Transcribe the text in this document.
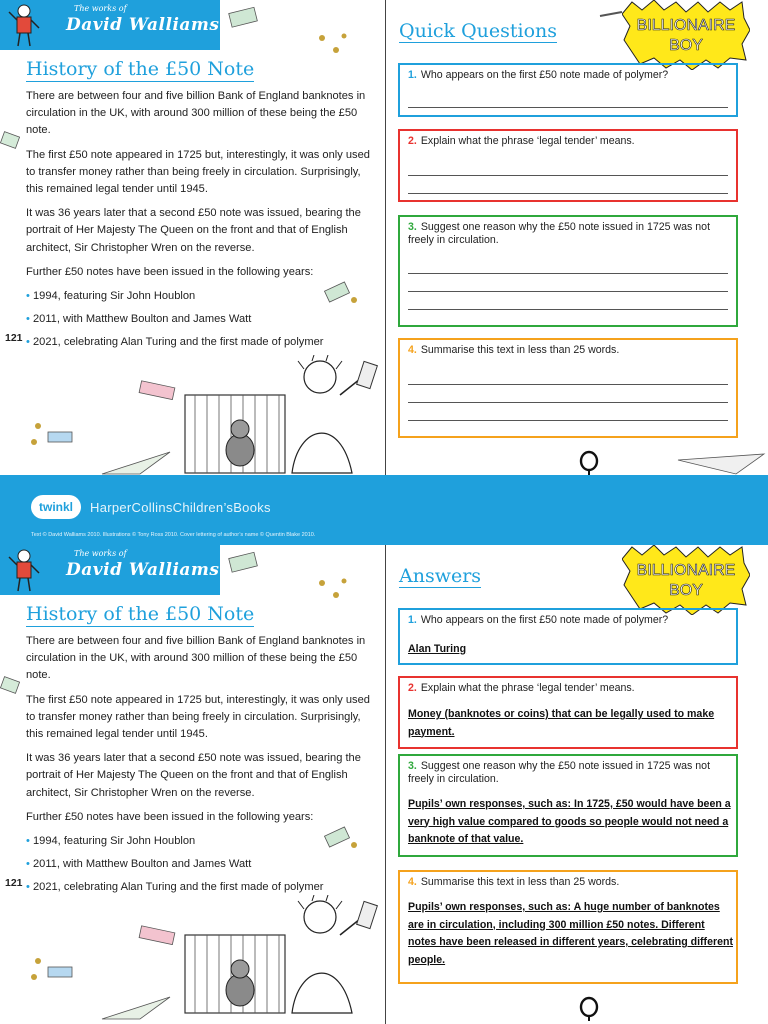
The works of
David Walliams
History of the £50 Note

There are between four and five billion Bank of England banknotes in circulation in the UK, with around 300 million of these being the £50 note.

The first £50 note appeared in 1725 but, interestingly, it was only used to transfer money rather than being freely in circulation. Surprisingly, this remained legal tender until 1945.

It was 36 years later that a second £50 note was issued, bearing the portrait of Her Majesty The Queen on the front and that of English architect, Sir Christopher Wren on the reverse.

Further £50 notes have been issued in the following years:

• 1994, featuring Sir John Houblon
• 2011, with Matthew Boulton and James Watt
• 2021, celebrating Alan Turing and the first made of polymer
121
Quick Questions	BILLIONAIRE
BOY
1. Who appears on the first £50 note made of polymer?
2. Explain what the phrase ‘legal tender’ means.
3. Suggest one reason why the £50 note issued in 1725 was not freely in circulation.
4. Summarise this text in less than 25 words.
twinkl	HarperCollinsChildren’sBooks
Text © David Walliams 2010. Illustrations © Tony Ross 2010. Cover lettering of author’s name © Quentin Blake 2010.
The works of
David Walliams
History of the £50 Note

There are between four and five billion Bank of England banknotes in circulation in the UK, with around 300 million of these being the £50 note.

The first £50 note appeared in 1725 but, interestingly, it was only used to transfer money rather than being freely in circulation. Surprisingly, this remained legal tender until 1945.

It was 36 years later that a second £50 note was issued, bearing the portrait of Her Majesty The Queen on the front and that of English architect, Sir Christopher Wren on the reverse.

Further £50 notes have been issued in the following years:

• 1994, featuring Sir John Houblon
• 2011, with Matthew Boulton and James Watt
• 2021, celebrating Alan Turing and the first made of polymer
121
Answers	BILLIONAIRE
BOY
1. Who appears on the first £50 note made of polymer?
Alan Turing
2. Explain what the phrase ‘legal tender’ means.
Money (banknotes or coins) that can be legally used to make payment.
3. Suggest one reason why the £50 note issued in 1725 was not freely in circulation.
Pupils’ own responses, such as: In 1725, £50 would have been a very high value compared to goods so people would not need a banknote of that value.
4. Summarise this text in less than 25 words.
Pupils’ own responses, such as: A huge number of banknotes are in circulation, including 300 million £50 notes. Different notes have been released in different years, celebrating different people.
